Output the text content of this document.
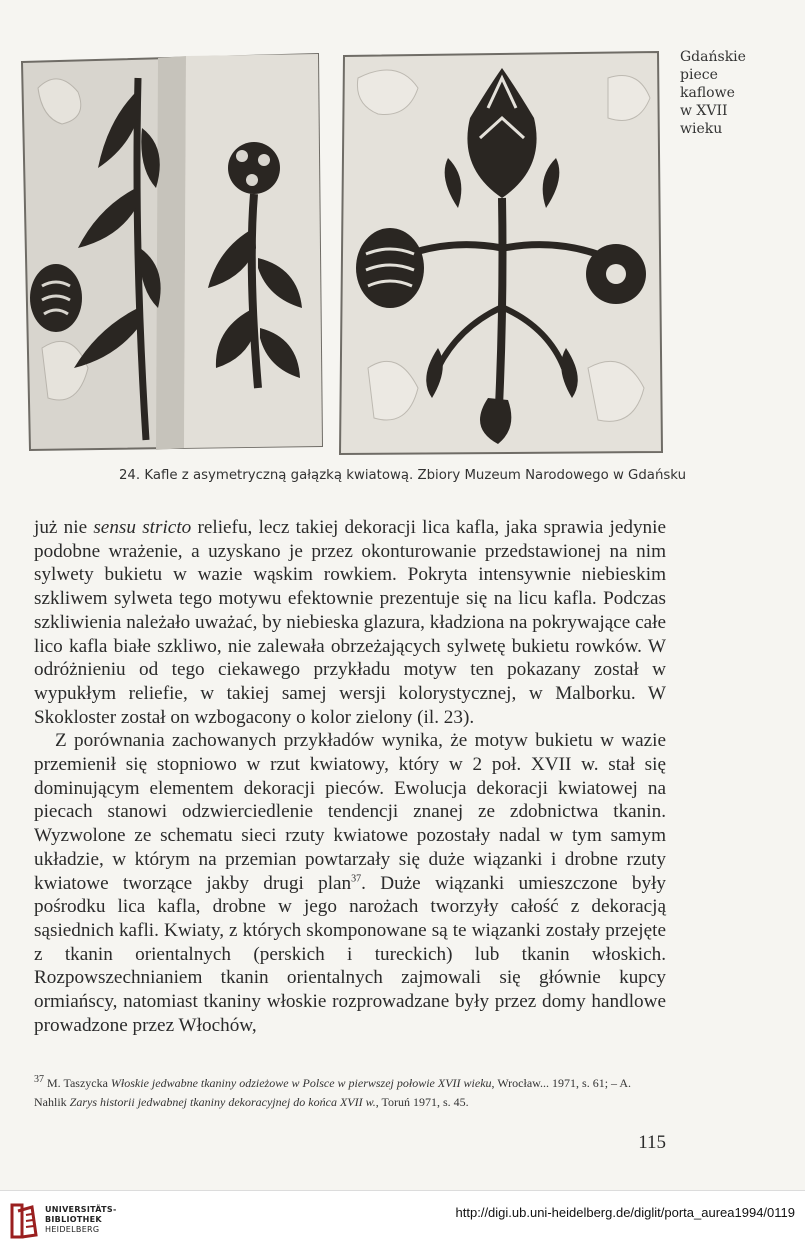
Gdańskie
piece
kaflowe
w XVII
wieku
24. Kafle z asymetryczną gałązką kwiatową. Zbiory Muzeum Narodowego w Gdańsku

już nie sensu stricto reliefu, lecz takiej dekoracji lica kafla, jaka sprawia jedynie podobne wrażenie, a uzyskano je przez okonturowanie przedstawionej na nim sylwety bukietu w wazie wąskim rowkiem. Pokryta intensywnie niebieskim szkliwem sylweta tego motywu efektownie prezentuje się na licu kafla. Podczas szkliwienia należało uważać, by niebieska glazura, kładziona na pokrywające całe lico kafla białe szkliwo, nie zalewała obrzeżających sylwetę bukietu rowków. W odróżnieniu od tego ciekawego przykładu motyw ten pokazany został w wypukłym reliefie, w takiej samej wersji kolorystycznej, w Malborku. W Skokloster został on wzbogacony o kolor zielony (il. 23).

Z porównania zachowanych przykładów wynika, że motyw bukietu w wazie przemienił się stopniowo w rzut kwiatowy, który w 2 poł. XVII w. stał się dominującym elementem dekoracji pieców. Ewolucja dekoracji kwiatowej na piecach stanowi odzwierciedlenie tendencji znanej ze zdobnictwa tkanin. Wyzwolone ze schematu sieci rzuty kwiatowe pozostały nadal w tym samym układzie, w którym na przemian powtarzały się duże wiązanki i drobne rzuty kwiatowe tworzące jakby drugi plan$^{37}$. Duże wiązanki umieszczone były pośrodku lica kafla, drobne w jego narożach tworzyły całość z dekoracją sąsiednich kafli. Kwiaty, z których skomponowane są te wiązanki zostały przejęte z tkanin orientalnych (perskich i tureckich) lub tkanin włoskich. Rozpowszechnianiem tkanin orientalnych zajmowali się głównie kupcy ormiańscy, natomiast tkaniny włoskie rozprowadzane były przez domy handlowe prowadzone przez Włochów,

$^{37}$ M. Taszycka Włoskie jedwabne tkaniny odzieżowe w Polsce w pierwszej połowie XVII wieku, Wrocław... 1971, s. 61; – A. Nahlik Zarys historii jedwabnej tkaniny dekoracyjnej do końca XVII w., Toruń 1971, s. 45.
115
UNIVERSITÄTS-
BIBLIOTHEK
HEIDELBERG
http://digi.ub.uni-heidelberg.de/diglit/porta_aurea1994/0119
